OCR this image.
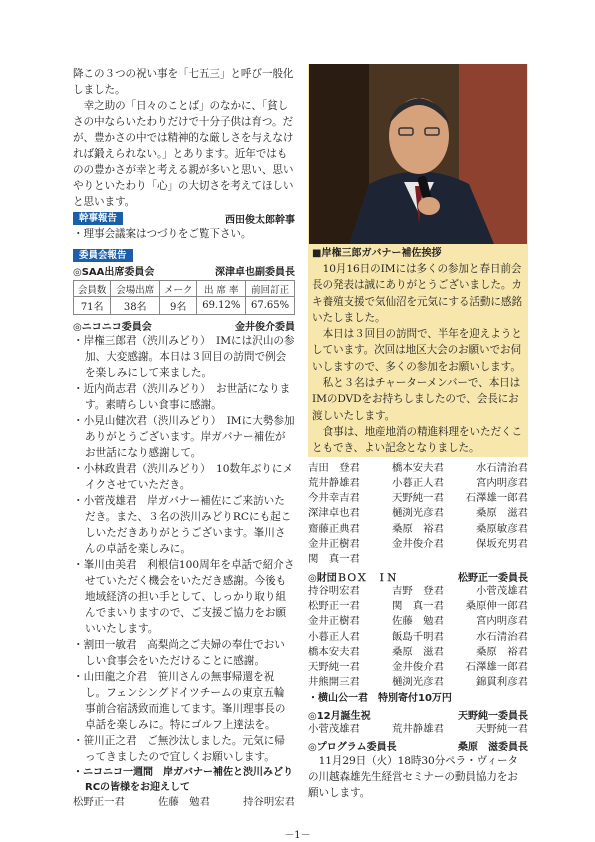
降この３つの祝い事を「七五三」と呼び一般化しました。

幸之助の「日々のことば」のなかに、「貧しさの中ならいたわりだけで十分子供は育つ。だが、豊かさの中では精神的な厳しさを与えなければ鍛えられない。」とあります。近年ではものの豊かさが幸と考える親が多いと思い、思いやりといたわり「心」の大切さを考えてほしいと思います。

幹事報告	西田俊太郎幹事

・理事会議案はつづりをご覧下さい。

委員会報告
◎SAA出席委員会	深津卓也副委員長
会員数	会場出席	メーク	出 席 率	前回訂正
71名	38名	9名	69.12%	67.65%
◎ニコニコ委員会	金井俊介委員
・岸権三郎君（渋川みどり）　IMには沢山の参加、大変感謝。本日は３回目の訪問で例会を楽しみにして来ました。
・近内尚志君（渋川みどり）　お世話になります。素晴らしい食事に感謝。
・小見山健次君（渋川みどり）　IMに大勢参加ありがとうございます。岸ガバナー補佐がお世話になり感謝して。
・小林政貴君（渋川みどり）　10数年ぶりにメイクさせていただき。
・小菅茂雄君　岸ガバナー補佐にご来訪いただき。また、３名の渋川みどりRCにも起こしいただきありがとうございます。峯川さんの卓話を楽しみに。
・峯川由美君　利根信100周年を卓話で紹介させていただく機会をいただき感謝。今後も地域経済の担い手として、しっかり取り組んでまいりますので、ご支援ご協力をお願いいたします。
・割田一敏君　高梨尚之ご夫婦の奉仕でおいしい食事会をいただけることに感謝。
・山田龍之介君　笹川さんの無事帰還を祝し。フェンシングドイツチームの東京五輪事前合宿誘致而進してます。峯川理事長の卓話を楽しみに。特にゴルフ上達法を。
・笹川正之君　ご無沙汰しました。元気に帰ってきましたので宜しくお願いします。
・ニコニコ一週間　岸ガバナー補佐と渋川みどりRCの皆様をお迎えして
松野正一君	佐藤　勉君	持谷明宏君
■岸権三郎ガバナー補佐挨拶

10月16日のIMには多くの参加と春日前会長の発表は誠にありがとうございました。カキ養殖支援で気仙沼を元気にする活動に感銘いたしました。

本日は３回目の訪問で、半年を迎えようとしています。次回は地区大会のお願いでお伺いしますので、多くの参加をお願いします。

私と３名はチャーターメンバーで、本日はIMのDVDをお持ちしましたので、会長にお渡しいたします。

食事は、地産地消の精進料理をいただくこともでき、よい記念となりました。

吉田　登君	橋本安夫君	水石清治君
荒井静雄君	小暮正人君	宮内明彦君
今井幸吉君	天野純一君	石澤雄一郎君
深津卓也君	樋渕光彦君	桑原　滋君
齋藤正典君	桑原　裕君	桑原敏彦君
金井正樹君	金井俊介君	保坂充男君
関　真一君
◎財団ＢＯＸ　ＩＮ	松野正一委員長
持谷明宏君	吉野　登君	小菅茂雄君
松野正一君	関　真一君	桑原伸一郎君
金井正樹君	佐藤　勉君	宮内明彦君
小暮正人君	飯島千明君	水石清治君
橋本安夫君	桑原　滋君	桑原　裕君
天野純一君	金井俊介君	石澤雄一郎君
井熊開三君	樋渕光彦君	錦貫利彦君
・横山公一君　特別寄付10万円
◎12月誕生祝	天野純一委員長
小菅茂雄君	荒井静雄君	天野純一君
◎プログラム委員長	桑原　滋委員長

11月29日（火）18時30分ペラ・ヴィータの川越森雄先生経営セミナーの動員協力をお願いします。

－1－
